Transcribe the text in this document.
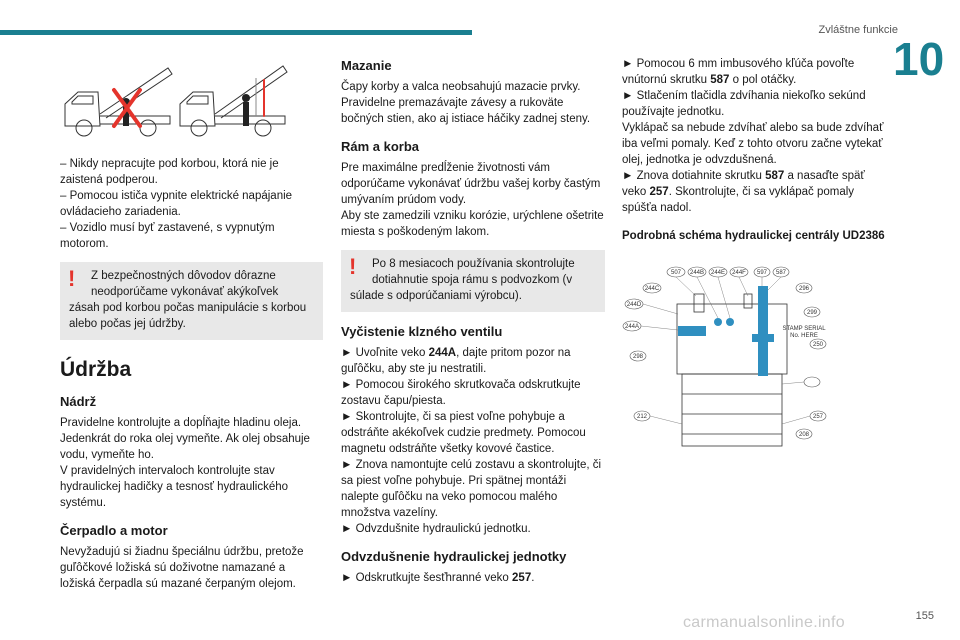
Zvláštne funkcie
10
155
carmanualsonline.info

– Nikdy nepracujte pod korbou, ktorá nie je zaistená podperou.

– Pomocou ističa vypnite elektrické napájanie ovládacieho zariadenia.

– Vozidlo musí byť zastavené, s vypnutým motorom.

!	Z bezpečnostných dôvodov dôrazne neodporúčame vykonávať akýkoľvek

zásah pod korbou počas manipulácie s korbou alebo počas jej údržby.

Údržba
Nádrž

Pravidelne kontrolujte a dopĺňajte hladinu oleja. Jedenkrát do roka olej vymeňte. Ak olej obsahuje vodu, vymeňte ho.

V pravidelných intervaloch kontrolujte stav hydraulickej hadičky a tesnosť hydraulického systému.

Čerpadlo a motor

Nevyžadujú si žiadnu špeciálnu údržbu, pretože guľôčkové ložiská sú doživotne namazané a ložiská čerpadla sú mazané čerpaným olejom.

Mazanie

Čapy korby a valca neobsahujú mazacie prvky. Pravidelne premazávajte závesy a rukoväte bočných stien, ako aj istiace háčiky zadnej steny.

Rám a korba

Pre maximálne predĺženie životnosti vám odporúčame vykonávať údržbu vašej korby častým umývaním prúdom vody.

Aby ste zamedzili vzniku korózie, urýchlene ošetrite miesta s poškodeným lakom.

!	Po 8 mesiacoch používania skontrolujte dotiahnutie spoja rámu s podvozkom (v

súlade s odporúčaniami výrobcu).

Vyčistenie klzného ventilu

► Uvoľnite veko 244A, dajte pritom pozor na guľôčku, aby ste ju nestratili.

► Pomocou širokého skrutkovača odskrutkujte zostavu čapu/piesta.

► Skontrolujte, či sa piest voľne pohybuje a odstráňte akékoľvek cudzie predmety. Pomocou magnetu odstráňte všetky kovové častice.

► Znova namontujte celú zostavu a skontrolujte, či sa piest voľne pohybuje. Pri spätnej montáži nalepte guľôčku na veko pomocou malého množstva vazelíny.

► Odvzdušnite hydraulickú jednotku.

Odvzdušnenie hydraulickej jednotky

► Odskrutkujte šesťhranné veko 257.

► Pomocou 6 mm imbusového kľúča povoľte vnútornú skrutku 587 o pol otáčky.

► Stlačením tlačidla zdvíhania niekoľko sekúnd používajte jednotku.

Vyklápač sa nebude zdvíhať alebo sa bude zdvíhať iba veľmi pomaly. Keď z tohto otvoru začne vytekať olej, jednotka je odvzdušnená.

► Znova dotiahnite skrutku 587 a nasaďte späť veko 257. Skontrolujte, či sa vyklápač pomaly spúšťa nadol.

Podrobná schéma hydraulickej centrály UD2386
507 244B 244E 244F 597 587
244C	296
244D
299
244A	STAMP SERIAL
No. HERE
298
250
212	257
208
